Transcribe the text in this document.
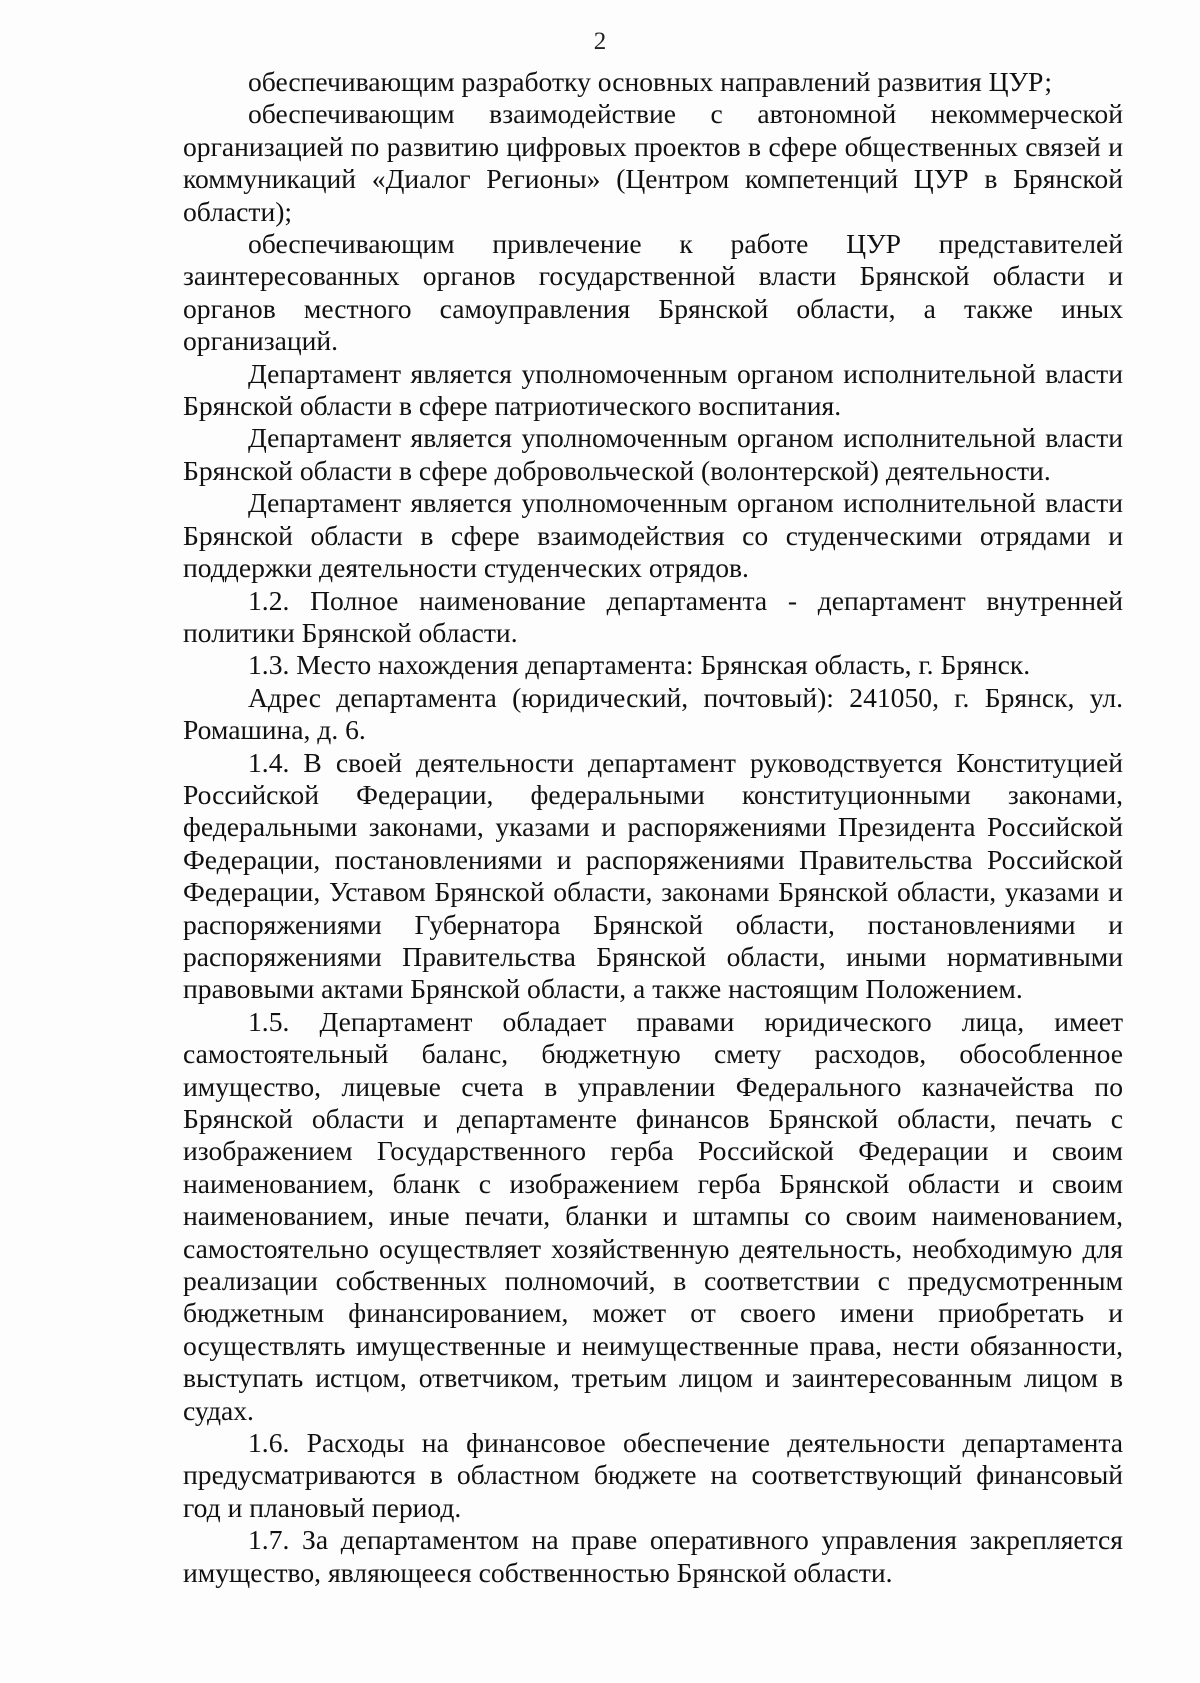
2

обеспечивающим разработку основных направлений развития ЦУР;

обеспечивающим взаимодействие с автономной некоммерческой организацией по развитию цифровых проектов в сфере общественных связей и коммуникаций «Диалог Регионы» (Центром компетенций ЦУР в Брянской области);

обеспечивающим привлечение к работе ЦУР представителей заинтересованных органов государственной власти Брянской области и органов местного самоуправления Брянской области, а также иных организаций.

Департамент является уполномоченным органом исполнительной власти Брянской области в сфере патриотического воспитания.

Департамент является уполномоченным органом исполнительной власти Брянской области в сфере добровольческой (волонтерской) деятельности.

Департамент является уполномоченным органом исполнительной власти Брянской области в сфере взаимодействия со студенческими отрядами и поддержки деятельности студенческих отрядов.

1.2. Полное наименование департамента - департамент внутренней политики Брянской области.

1.3. Место нахождения департамента: Брянская область, г. Брянск.

Адрес департамента (юридический, почтовый): 241050, г. Брянск, ул. Ромашина, д. 6.

1.4. В своей деятельности департамент руководствуется Конституцией Российской Федерации, федеральными конституционными законами, федеральными законами, указами и распоряжениями Президента Российской Федерации, постановлениями и распоряжениями Правительства Российской Федерации, Уставом Брянской области, законами Брянской области, указами и распоряжениями Губернатора Брянской области, постановлениями и распоряжениями Правительства Брянской области, иными нормативными правовыми актами Брянской области, а также настоящим Положением.

1.5. Департамент обладает правами юридического лица, имеет самостоятельный баланс, бюджетную смету расходов, обособленное имущество, лицевые счета в управлении Федерального казначейства по Брянской области и департаменте финансов Брянской области, печать с изображением Государственного герба Российской Федерации и своим наименованием, бланк с изображением герба Брянской области и своим наименованием, иные печати, бланки и штампы со своим наименованием, самостоятельно осуществляет хозяйственную деятельность, необходимую для реализации собственных полномочий, в соответствии с предусмотренным бюджетным финансированием, может от своего имени приобретать и осуществлять имущественные и неимущественные права, нести обязанности, выступать истцом, ответчиком, третьим лицом и заинтересованным лицом в судах.

1.6. Расходы на финансовое обеспечение деятельности департамента предусматриваются в областном бюджете на соответствующий финансовый год и плановый период.

1.7. За департаментом на праве оперативного управления закрепляется имущество, являющееся собственностью Брянской области.
